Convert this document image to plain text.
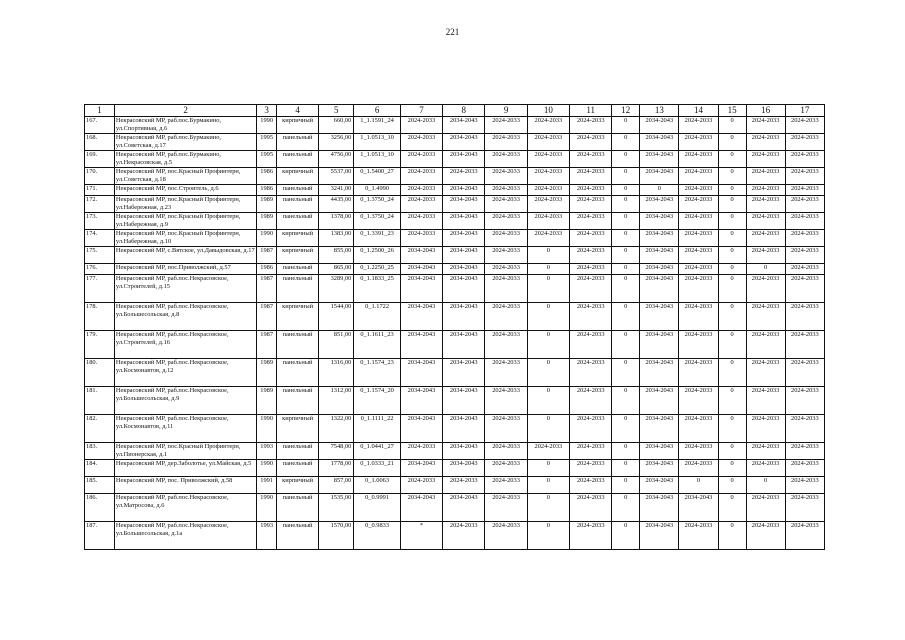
221
1	2	3	4	5	6	7	8	9	10	11	12	13	14	15	16	17
167.	Некрасовский МР, раб.пос.Бурмакино, ул.Спортивная, д.6	1990	кирпичный	660,00	1_1.1591_24	2024-2033	2034-2043	2024-2033	2024-2033	2024-2033	0	2034-2043	2024-2033	0	2024-2033	2024-2033
168.	Некрасовский МР, раб.пос.Бурмакино, ул.Советская, д.17	1995	панельный	3256,00	1_1.0513_10	2024-2033	2034-2043	2024-2033	2024-2033	2024-2033	0	2034-2043	2024-2033	0	2024-2033	2024-2033
169.	Некрасовский МР, раб.пос.Бурмакино, ул.Некрасовская, д.5	1995	панельный	4756,00	1_1.0513_10	2024-2033	2034-2043	2024-2033	2024-2033	2024-2033	0	2034-2043	2024-2033	0	2024-2033	2024-2033
170.	Некрасовский МР, пос.Красный Профинтерн, ул.Советская, д.18	1986	кирпичный	5537,00	0_1.5400_27	2024-2033	2024-2033	2024-2033	2024-2033	2024-2033	0	2034-2043	2024-2033	0	2024-2033	2024-2033
171.	Некрасовский МР, пос.Строитель, д.6	1986	панельный	3241,00	0_1.4990	2024-2033	2034-2043	2024-2033	2024-2033	2024-2033	0	0	2024-2033	0	2024-2033	2024-2033
172.	Некрасовский МР, пос.Красный Профинтерн, ул.Набережная, д.23	1989	панельный	4435,00	0_1.3750_24	2024-2033	2034-2043	2024-2033	2024-2033	2024-2033	0	2034-2043	2024-2033	0	2024-2033	2024-2033
173.	Некрасовский МР, пос.Красный Профинтерн, ул.Набережная, д.9	1989	панельный	1378,00	0_1.3750_24	2024-2033	2034-2043	2024-2033	2024-2033	2024-2033	0	2034-2043	2024-2033	0	2024-2033	2024-2033
174.	Некрасовский МР, пос.Красный Профинтерн, ул.Набережная, д.10	1990	кирпичный	1383,00	0_1.3391_23	2024-2033	2034-2043	2024-2033	2024-2033	2024-2033	0	2034-2043	2024-2033	0	2024-2033	2024-2033
175.	Некрасовский МР, с.Вятское, ул.Давыдовская, д.17	1987	кирпичный	855,00	0_1.2500_26	2034-2043	2034-2043	2024-2033	0	2024-2033	0	2034-2043	2024-2033	0	2024-2033	2024-2033
176.	Некрасовский МР, пос.Приволжский, д.57	1986	панельный	865,00	0_1.2250_25	2034-2043	2034-2043	2024-2033	0	2024-2033	0	2034-2043	2024-2033	0	0	2024-2033
177.	Некрасовский МР, раб.пос.Некрасовское, ул.Строителей, д.15	1987	панельный	3289,00	0_1.1833_25	2034-2043	2034-2043	2024-2033	0	2024-2033	0	2034-2043	2024-2033	0	2024-2033	2024-2033
178.	Некрасовский МР, раб.пос.Некрасовское, ул.Большесольская, д.8	1987	кирпичный	1544,00	0_1.1722	2034-2043	2034-2043	2024-2033	0	2024-2033	0	2034-2043	2024-2033	0	2024-2033	2024-2033
179.	Некрасовский МР, раб.пос.Некрасовское, ул.Строителей, д.16	1987	панельный	851,00	0_1.1611_23	2034-2043	2034-2043	2024-2033	0	2024-2033	0	2034-2043	2024-2033	0	2024-2033	2024-2033
180.	Некрасовский МР, раб.пос.Некрасовское, ул.Космонавтов, д.12	1989	панельный	1316,00	0_1.1574_23	2034-2043	2034-2043	2024-2033	0	2024-2033	0	2034-2043	2024-2033	0	2024-2033	2024-2033
181.	Некрасовский МР, раб.пос.Некрасовское, ул.Большесольская, д.9	1989	панельный	1312,00	0_1.1574_20	2034-2043	2034-2043	2024-2033	0	2024-2033	0	2034-2043	2024-2033	0	2024-2033	2024-2033
182.	Некрасовский МР, раб.пос.Некрасовское, ул.Космонавтов, д.11	1990	кирпичный	1322,00	0_1.1111_22	2034-2043	2034-2043	2024-2033	0	2024-2033	0	2034-2043	2024-2033	0	2024-2033	2024-2033
183.	Некрасовский МР, пос.Красный Профинтерн, ул.Пионерская, д.1	1993	панельный	7548,00	0_1.0441_27	2024-2033	2034-2043	2024-2033	2024-2033	2024-2033	0	2034-2043	2024-2033	0	2024-2033	2024-2033
184.	Некрасовский МР, дер.Заболотье, ул.Майская, д.5	1990	панельный	1778,00	0_1.0333_21	2034-2043	2034-2043	2024-2033	0	2024-2033	0	2034-2043	2024-2033	0	2024-2033	2024-2033
185.	Некрасовский МР, пос. Приволжский, д.58	1991	кирпичный	857,00	0_1.0063	2024-2033	2024-2033	2024-2033	0	2024-2033	0	2034-2043	0	0	0	2024-2033
186.	Некрасовский МР, раб.пос.Некрасовское, ул.Матросова, д.6	1990	панельный	1535,00	0_0.9991	2034-2043	2034-2043	2024-2033	0	2024-2033	0	2034-2043	2034-2043	0	2024-2033	2024-2033
187.	Некрасовский МР, раб.пос.Некрасовское, ул.Большесольская, д.1а	1993	панельный	1570,00	0_0.9833	*	2024-2033	2024-2033	0	2024-2033	0	2034-2043	2024-2033	0	2024-2033	2024-2033
